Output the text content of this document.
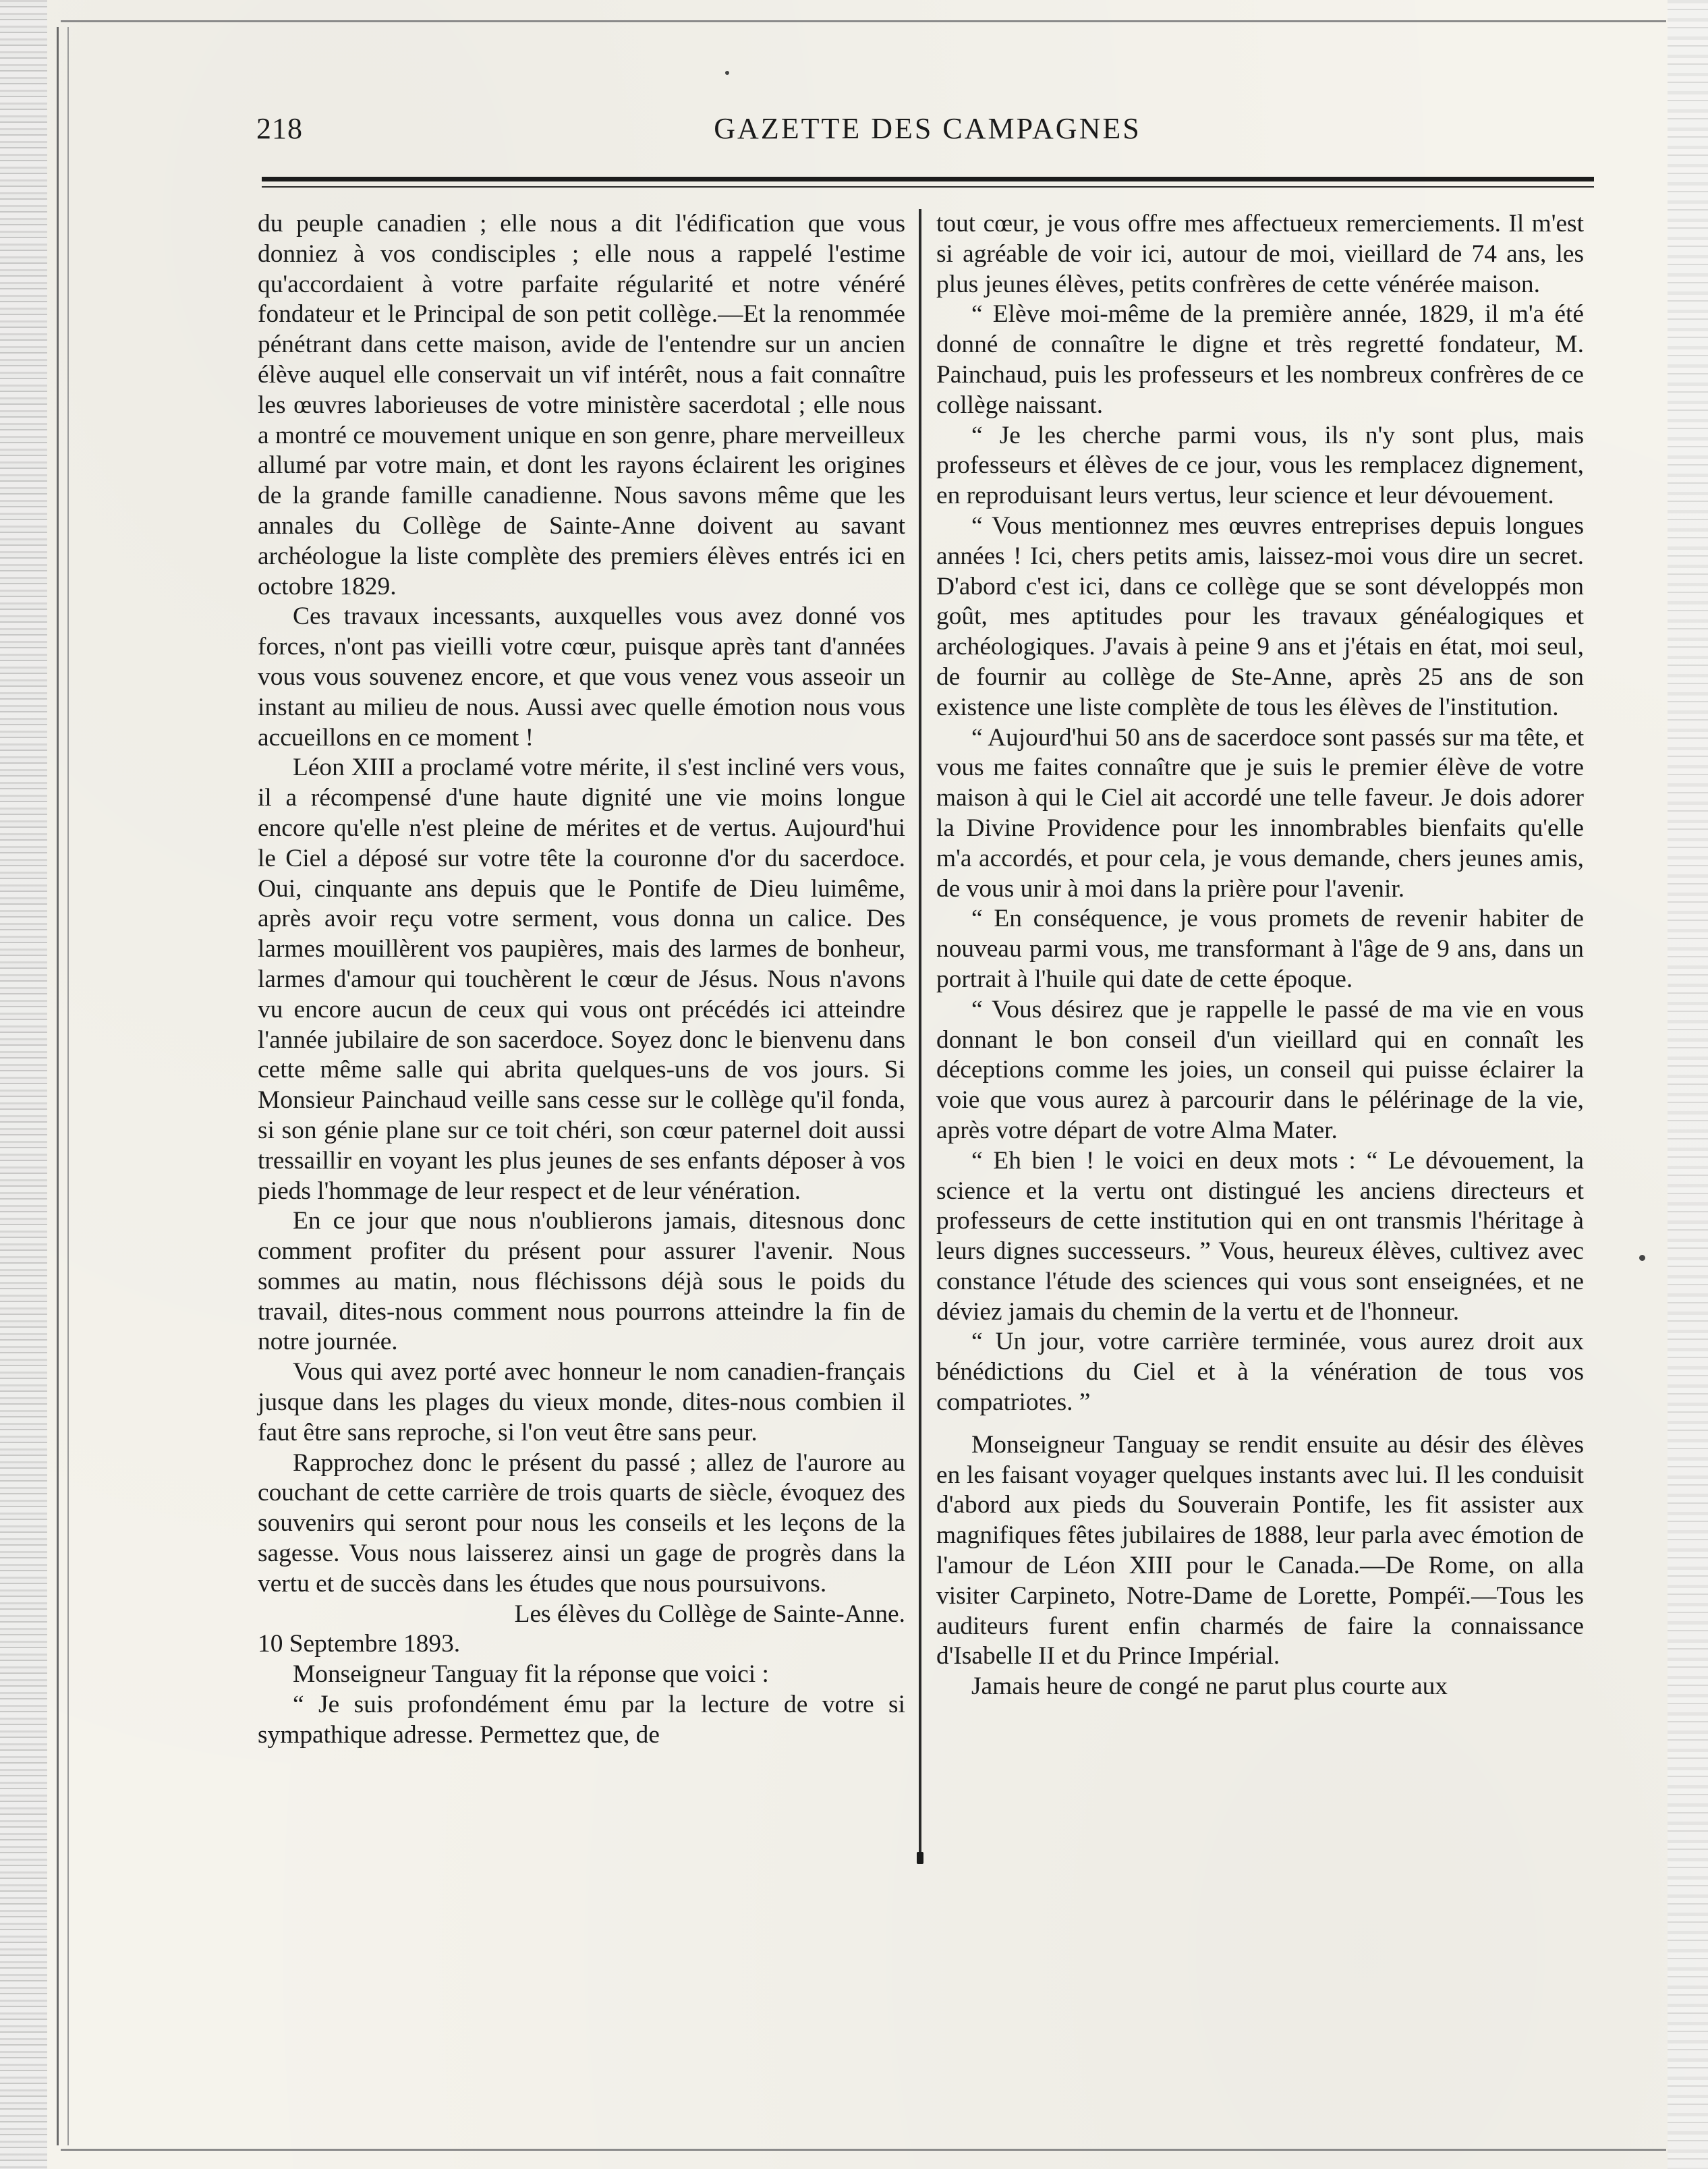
218	GAZETTE DES CAMPAGNES

du peuple canadien ; elle nous a dit l'édification que vous donniez à vos condisciples ; elle nous a rappelé l'estime qu'accordaient à votre parfaite régularité et notre vénéré fondateur et le Principal de son petit collège.—Et la renommée pénétrant dans cette maison, avide de l'entendre sur un ancien élève auquel elle conservait un vif intérêt, nous a fait connaître les œuvres laborieuses de votre ministère sacerdotal ; elle nous a montré ce mouvement unique en son genre, phare merveilleux allumé par votre main, et dont les rayons éclairent les origines de la grande famille canadienne. Nous savons même que les annales du Collège de Sainte-Anne doivent au savant archéologue la liste complète des premiers élèves entrés ici en octobre 1829.

Ces travaux incessants, auxquelles vous avez donné vos forces, n'ont pas vieilli votre cœur, puisque après tant d'années vous vous souvenez encore, et que vous venez vous asseoir un instant au milieu de nous. Aussi avec quelle émotion nous vous accueillons en ce moment !

Léon XIII a proclamé votre mérite, il s'est incliné vers vous, il a récompensé d'une haute dignité une vie moins longue encore qu'elle n'est pleine de mérites et de vertus. Aujourd'hui le Ciel a déposé sur votre tête la couronne d'or du sacerdoce. Oui, cinquante ans depuis que le Pontife de Dieu luimême, après avoir reçu votre serment, vous donna un calice. Des larmes mouillèrent vos paupières, mais des larmes de bonheur, larmes d'amour qui touchèrent le cœur de Jésus. Nous n'avons vu encore aucun de ceux qui vous ont précédés ici atteindre l'année jubilaire de son sacerdoce. Soyez donc le bienvenu dans cette même salle qui abrita quelques-uns de vos jours. Si Monsieur Painchaud veille sans cesse sur le collège qu'il fonda, si son génie plane sur ce toit chéri, son cœur paternel doit aussi tressaillir en voyant les plus jeunes de ses enfants déposer à vos pieds l'hommage de leur respect et de leur vénération.

En ce jour que nous n'oublierons jamais, ditesnous donc comment profiter du présent pour assurer l'avenir. Nous sommes au matin, nous fléchissons déjà sous le poids du travail, dites-nous comment nous pourrons atteindre la fin de notre journée.

Vous qui avez porté avec honneur le nom canadien-français jusque dans les plages du vieux monde, dites-nous combien il faut être sans reproche, si l'on veut être sans peur.

Rapprochez donc le présent du passé ; allez de l'aurore au couchant de cette carrière de trois quarts de siècle, évoquez des souvenirs qui seront pour nous les conseils et les leçons de la sagesse. Vous nous laisserez ainsi un gage de progrès dans la vertu et de succès dans les études que nous poursuivons.

Les élèves du Collège de Sainte-Anne.

10 Septembre 1893.

Monseigneur Tanguay fit la réponse que voici :

“ Je suis profondément ému par la lecture de votre si sympathique adresse. Permettez que, de

tout cœur, je vous offre mes affectueux remerciements. Il m'est si agréable de voir ici, autour de moi, vieillard de 74 ans, les plus jeunes élèves, petits confrères de cette vénérée maison.

“ Elève moi-même de la première année, 1829, il m'a été donné de connaître le digne et très regretté fondateur, M. Painchaud, puis les professeurs et les nombreux confrères de ce collège naissant.

“ Je les cherche parmi vous, ils n'y sont plus, mais professeurs et élèves de ce jour, vous les remplacez dignement, en reproduisant leurs vertus, leur science et leur dévouement.

“ Vous mentionnez mes œuvres entreprises depuis longues années ! Ici, chers petits amis, laissez-moi vous dire un secret. D'abord c'est ici, dans ce collège que se sont développés mon goût, mes aptitudes pour les travaux généalogiques et archéologiques. J'avais à peine 9 ans et j'étais en état, moi seul, de fournir au collège de Ste-Anne, après 25 ans de son existence une liste complète de tous les élèves de l'institution.

“ Aujourd'hui 50 ans de sacerdoce sont passés sur ma tête, et vous me faites connaître que je suis le premier élève de votre maison à qui le Ciel ait accordé une telle faveur. Je dois adorer la Divine Providence pour les innombrables bienfaits qu'elle m'a accordés, et pour cela, je vous demande, chers jeunes amis, de vous unir à moi dans la prière pour l'avenir.

“ En conséquence, je vous promets de revenir habiter de nouveau parmi vous, me transformant à l'âge de 9 ans, dans un portrait à l'huile qui date de cette époque.

“ Vous désirez que je rappelle le passé de ma vie en vous donnant le bon conseil d'un vieillard qui en connaît les déceptions comme les joies, un conseil qui puisse éclairer la voie que vous aurez à parcourir dans le pélérinage de la vie, après votre départ de votre Alma Mater.

“ Eh bien ! le voici en deux mots : “ Le dévouement, la science et la vertu ont distingué les anciens directeurs et professeurs de cette institution qui en ont transmis l'héritage à leurs dignes successeurs. ” Vous, heureux élèves, cultivez avec constance l'étude des sciences qui vous sont enseignées, et ne déviez jamais du chemin de la vertu et de l'honneur.

“ Un jour, votre carrière terminée, vous aurez droit aux bénédictions du Ciel et à la vénération de tous vos compatriotes. ”

Monseigneur Tanguay se rendit ensuite au désir des élèves en les faisant voyager quelques instants avec lui. Il les conduisit d'abord aux pieds du Souverain Pontife, les fit assister aux magnifiques fêtes jubilaires de 1888, leur parla avec émotion de l'amour de Léon XIII pour le Canada.—De Rome, on alla visiter Carpineto, Notre-Dame de Lorette, Pompéï.—Tous les auditeurs furent enfin charmés de faire la connaissance d'Isabelle II et du Prince Impérial.

Jamais heure de congé ne parut plus courte aux
